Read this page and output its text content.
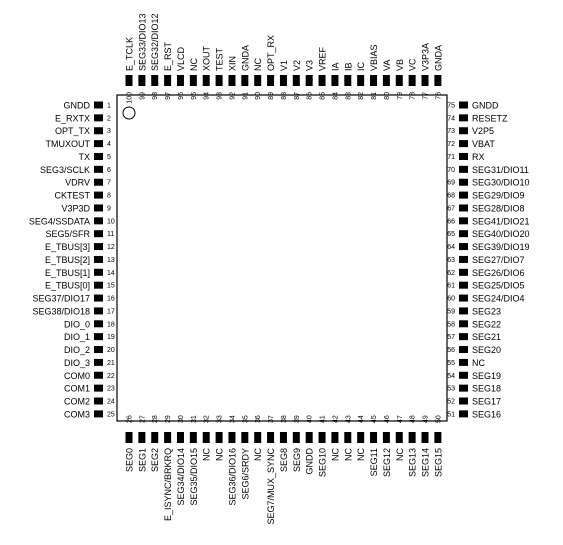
1
GNDD
2
E_RXTX
3
OPT_TX
4
TMUXOUT
5
TX
6
SEG3/SCLK
7
VDRV
8
CKTEST
9
V3P3D
10
SEG4/SSDATA
11
SEG5/SFR
12
E_TBUS[3]
13
E_TBUS[2]
14
E_TBUS[1]
15
E_TBUS[0]
16
SEG37/DIO17
17
SEG38/DIO18
18
DIO_0
19
DIO_1
20
DIO_2
21
DIO_3
22
COM0
23
COM1
24
COM2
25
COM3	26
SEG0
27
SEG1
28
SEG2
29
E_ISYNC/BRKRQ
30
SEG34/DIO14
31
SEG35/DIO15
32
NC
33
NC
34
SEG36/DIO16
35
SEG6/SRDY
36
NC
37
SEG7/MUX_SYNC
38
SEG8
39
SEG9
40
GNDD
41
SEG10
42
NC
43
NC
44
NC
45
SEG11
46
SEG12
47
NC
48
SEG13
49
SEG14
50
SEG15
75 GNDD
74 RESETZ
73 V2P5
72 VBAT
71 RX
70 SEG31/DIO11
69 SEG30/DIO10
68 SEG29/DIO9
67 SEG28/DIO8
66 SEG41/DIO21
65 SEG40/DIO20
64 SEG39/DIO19
63 SEG27/DIO7
62 SEG26/DIO6
61 SEG25/DIO5
60 SEG24/DIO4
59 SEG23
58 SEG22
57 SEG21
56 SEG20
55 NC
54 SEG19
53 SEG18
52 SEG17
51 SEG16
100
E_TCLK
99
SEG33/DIO13
98
SEG32/DIO12
97
E_RST
96
VLCD
95
NC
94
XOUT
93
TEST
92
XIN
91
GNDA
90
NC
89
OPT_RX
88
V1
87
V2
86
V3
85
VREF
84
IA
83
IB
82
IC
81
VBIAS
80
VA
79
VB
78
VC
77
V3P3A
76
GNDA
